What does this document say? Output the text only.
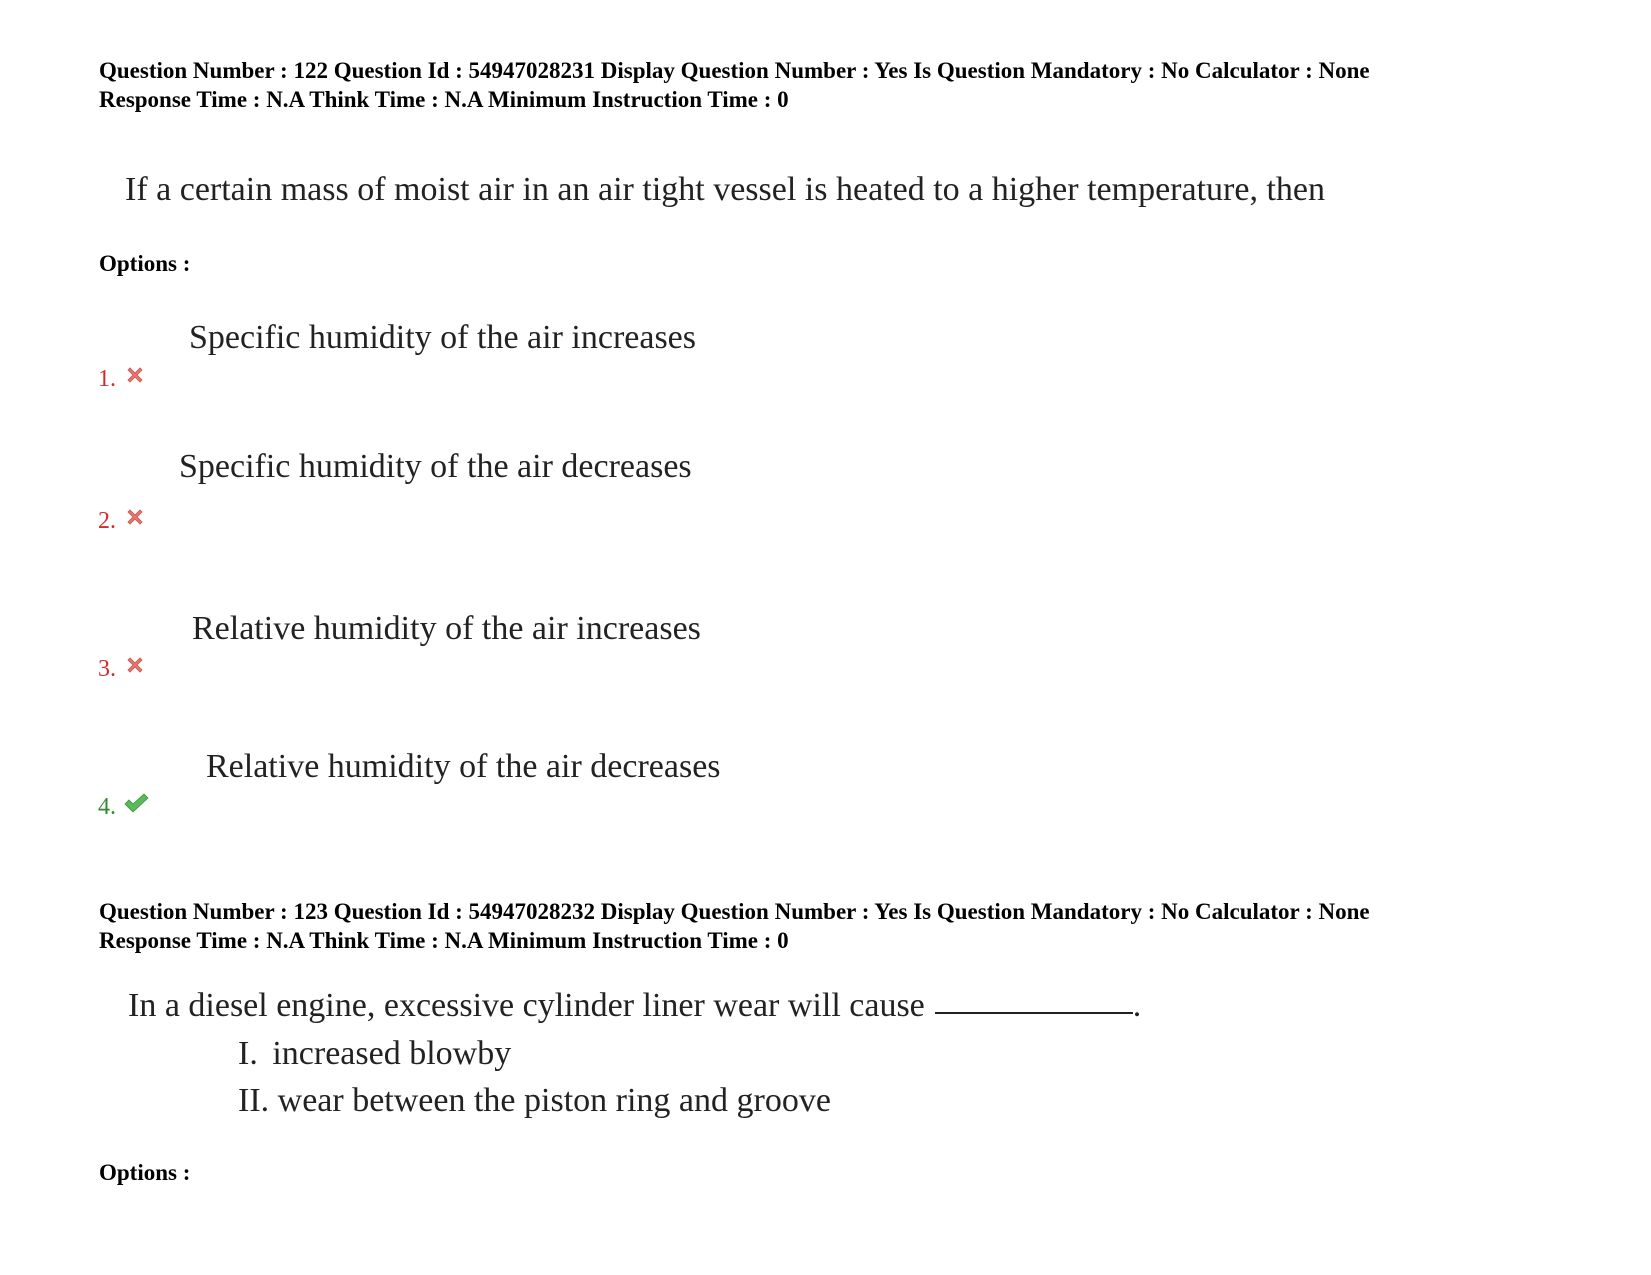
Question Number : 122 Question Id : 54947028231 Display Question Number : Yes Is Question Mandatory : No Calculator : None
Response Time : N.A Think Time : N.A Minimum Instruction Time : 0
If a certain mass of moist air in an air tight vessel is heated to a higher temperature, then
Options :
Specific humidity of the air increases
1.
Specific humidity of the air decreases
2.
Relative humidity of the air increases
3.
Relative humidity of the air decreases
4.
Question Number : 123 Question Id : 54947028232 Display Question Number : Yes Is Question Mandatory : No Calculator : None
Response Time : N.A Think Time : N.A Minimum Instruction Time : 0
In a diesel engine, excessive cylinder liner wear will cause	.
I. increased blowby
II. wear between the piston ring and groove
Options :
